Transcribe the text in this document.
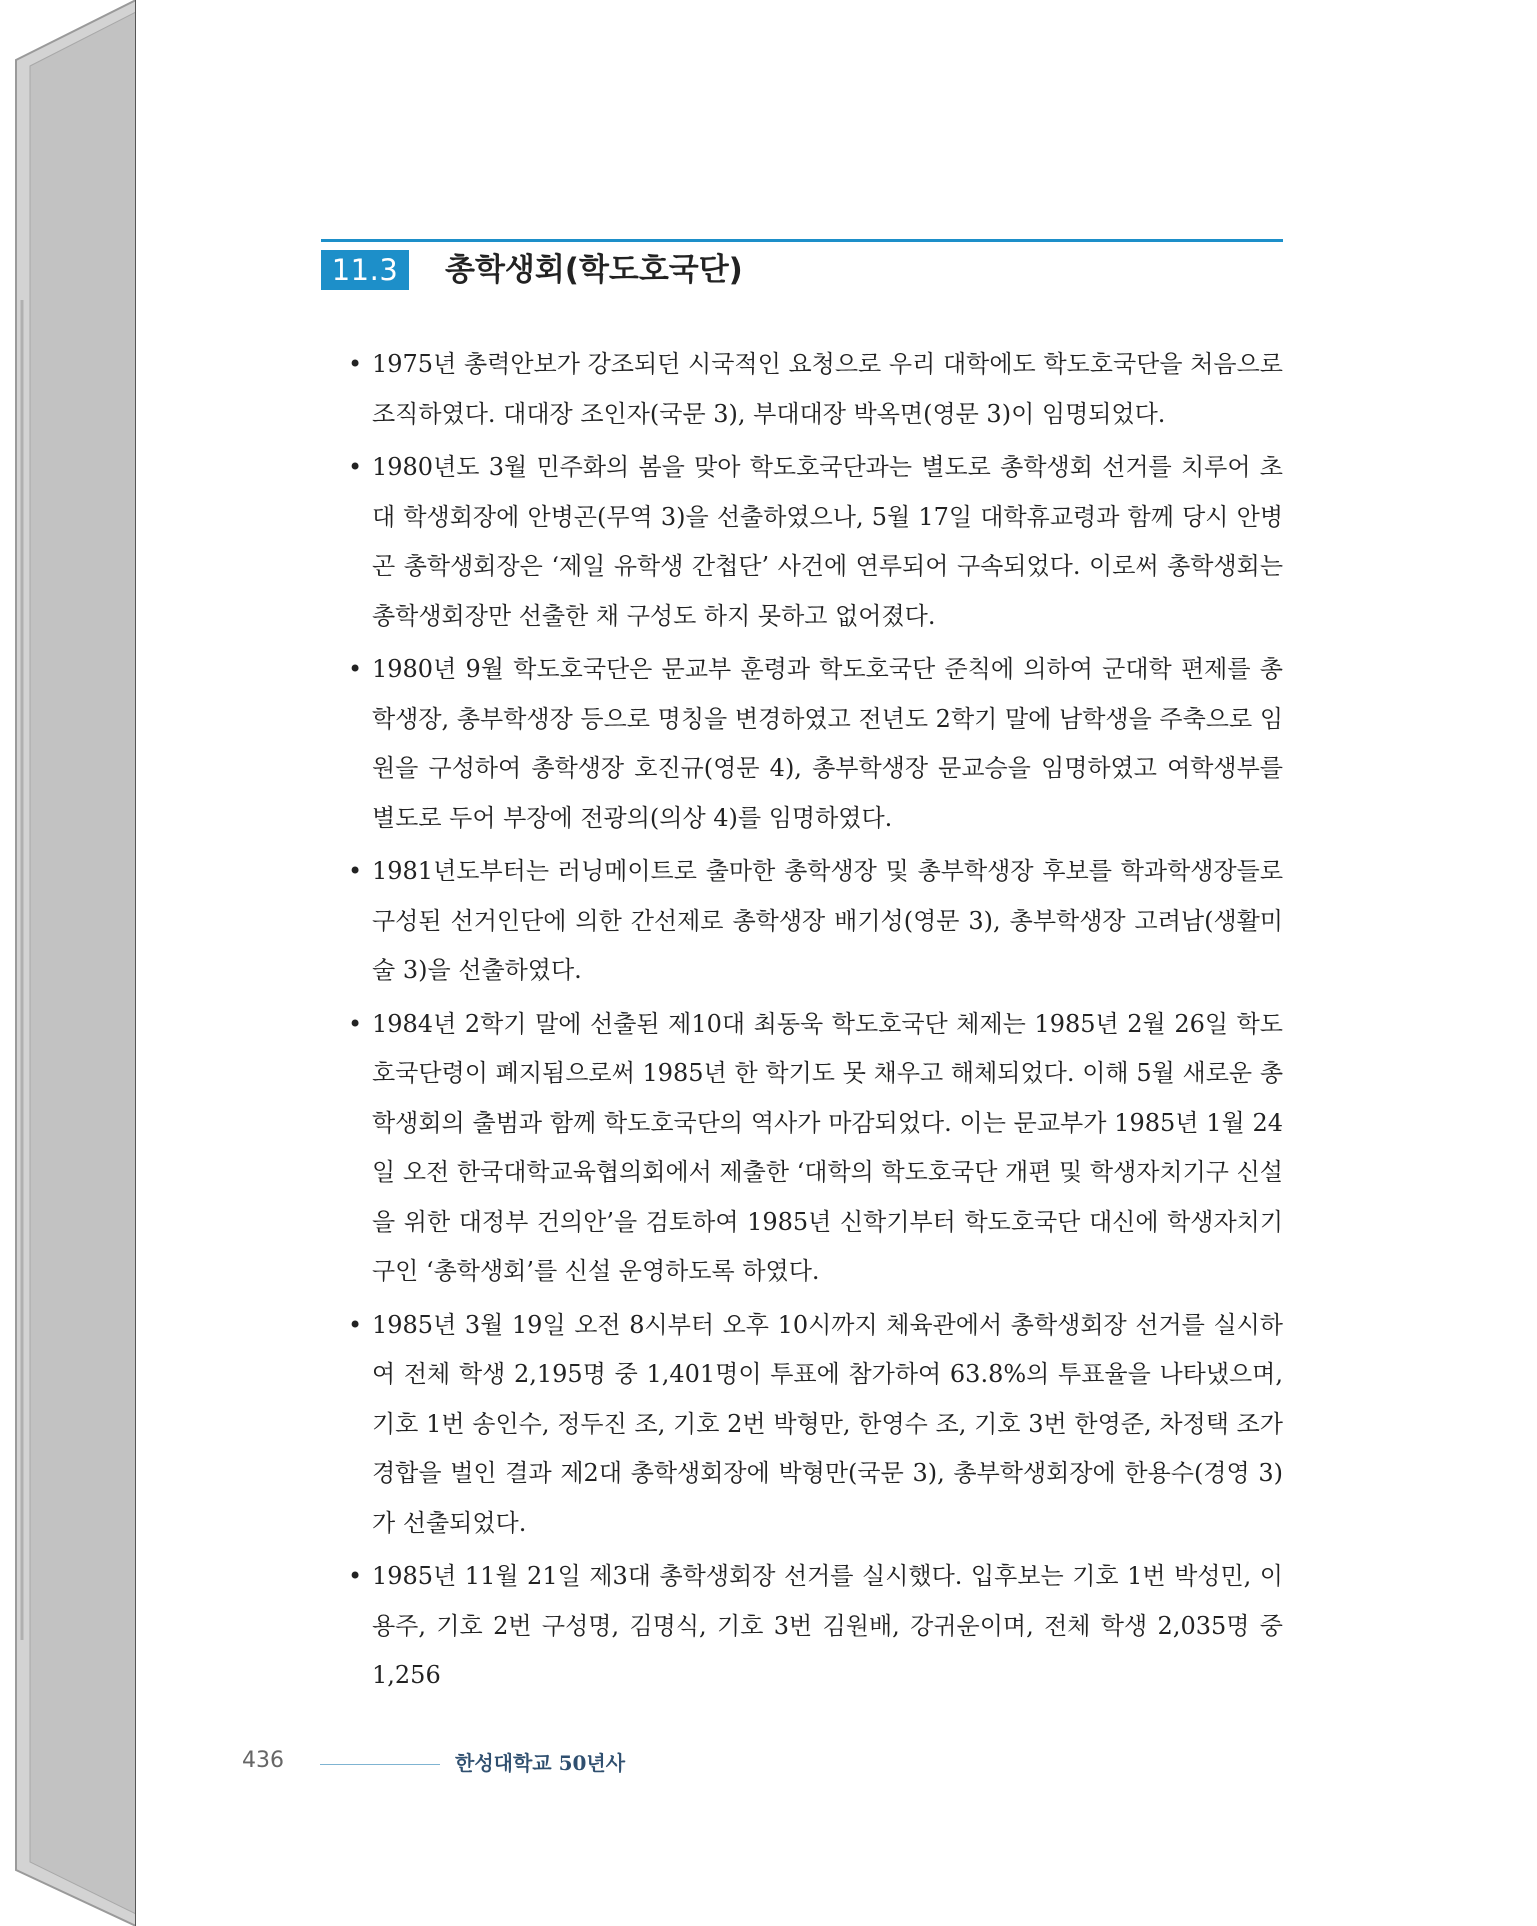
11.3	총학생회(학도호국단)
• 1975년 총력안보가 강조되던 시국적인 요청으로 우리 대학에도 학도호국단을 처음으로 조직하였다. 대대장 조인자(국문 3), 부대대장 박옥면(영문 3)이 임명되었다.
• 1980년도 3월 민주화의 봄을 맞아 학도호국단과는 별도로 총학생회 선거를 치루어 초대 학생회장에 안병곤(무역 3)을 선출하였으나, 5월 17일 대학휴교령과 함께 당시 안병곤 총학생회장은 ‘제일 유학생 간첩단’ 사건에 연루되어 구속되었다. 이로써 총학생회는 총학생회장만 선출한 채 구성도 하지 못하고 없어졌다.
• 1980년 9월 학도호국단은 문교부 훈령과 학도호국단 준칙에 의하여 군대학 편제를 총학생장, 총부학생장 등으로 명칭을 변경하였고 전년도 2학기 말에 남학생을 주축으로 임원을 구성하여 총학생장 호진규(영문 4), 총부학생장 문교승을 임명하였고 여학생부를 별도로 두어 부장에 전광의(의상 4)를 임명하였다.
• 1981년도부터는 러닝메이트로 출마한 총학생장 및 총부학생장 후보를 학과학생장들로 구성된 선거인단에 의한 간선제로 총학생장 배기성(영문 3), 총부학생장 고려남(생활미술 3)을 선출하였다.
• 1984년 2학기 말에 선출된 제10대 최동욱 학도호국단 체제는 1985년 2월 26일 학도호국단령이 폐지됨으로써 1985년 한 학기도 못 채우고 해체되었다. 이해 5월 새로운 총학생회의 출범과 함께 학도호국단의 역사가 마감되었다. 이는 문교부가 1985년 1월 24일 오전 한국대학교육협의회에서 제출한 ‘대학의 학도호국단 개편 및 학생자치기구 신설을 위한 대정부 건의안’을 검토하여 1985년 신학기부터 학도호국단 대신에 학생자치기구인 ‘총학생회’를 신설 운영하도록 하였다.
• 1985년 3월 19일 오전 8시부터 오후 10시까지 체육관에서 총학생회장 선거를 실시하여 전체 학생 2,195명 중 1,401명이 투표에 참가하여 63.8%의 투표율을 나타냈으며, 기호 1번 송인수, 정두진 조, 기호 2번 박형만, 한영수 조, 기호 3번 한영준, 차정택 조가 경합을 벌인 결과 제2대 총학생회장에 박형만(국문 3), 총부학생회장에 한용수(경영 3)가 선출되었다.
• 1985년 11월 21일 제3대 총학생회장 선거를 실시했다. 입후보는 기호 1번 박성민, 이용주, 기호 2번 구성명, 김명식, 기호 3번 김원배, 강귀운이며, 전체 학생 2,035명 중 1,256
436	한성대학교 50년사
